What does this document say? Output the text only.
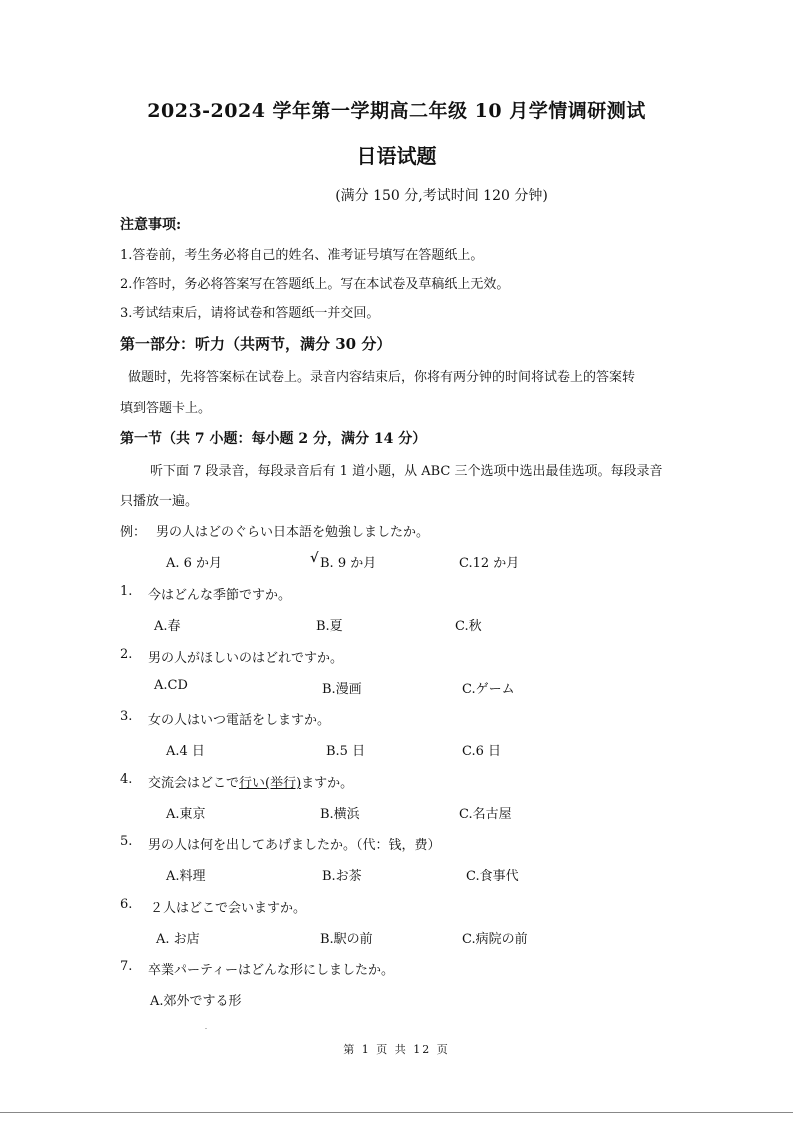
2023-2024 学年第一学期高二年级 10 月学情调研测试
日语试题
(满分 150 分,考试时间 120 分钟)
注意事项:
1.答卷前，考生务必将自己的姓名、准考证号填写在答题纸上。
2.作答时，务必将答案写在答题纸上。写在本试卷及草稿纸上无效。
3.考试结束后，请将试卷和答题纸一并交回。
第一部分：听力（共两节，满分 30 分）
做题时，先将答案标在试卷上。录音内容结束后，你将有两分钟的时间将试卷上的答案转
填到答题卡上。
第一节（共 7 小题：每小题 2 分，满分 14 分）
听下面 7 段录音，每段录音后有 1 道小题，从 ABC 三个选项中选出最佳选项。每段录音
只播放一遍。
例： 男の人はどのぐらい日本語を勉強しましたか。
A. 6 か月	√ B. 9 か月	C.12 か月
1. 今はどんな季節ですか。
A.春	B.夏	C.秋
2. 男の人がほしいのはどれですか。
A.CD	B.漫画	C.ゲーム
3. 女の人はいつ電話をしますか。
A.4 日	B.5 日	C.6 日
4. 交流会はどこで行い(举行)ますか。
A.東京	B.横浜	C.名古屋
5. 男の人は何を出してあげましたか。（代：钱，费）
A.料理	B.お茶	C.食事代
6. ２人はどこで会いますか。
A. お店	B.駅の前	C.病院の前
7. 卒業パーティーはどんな形にしましたか。
A.郊外でする形
第 1 页 共 12 页
